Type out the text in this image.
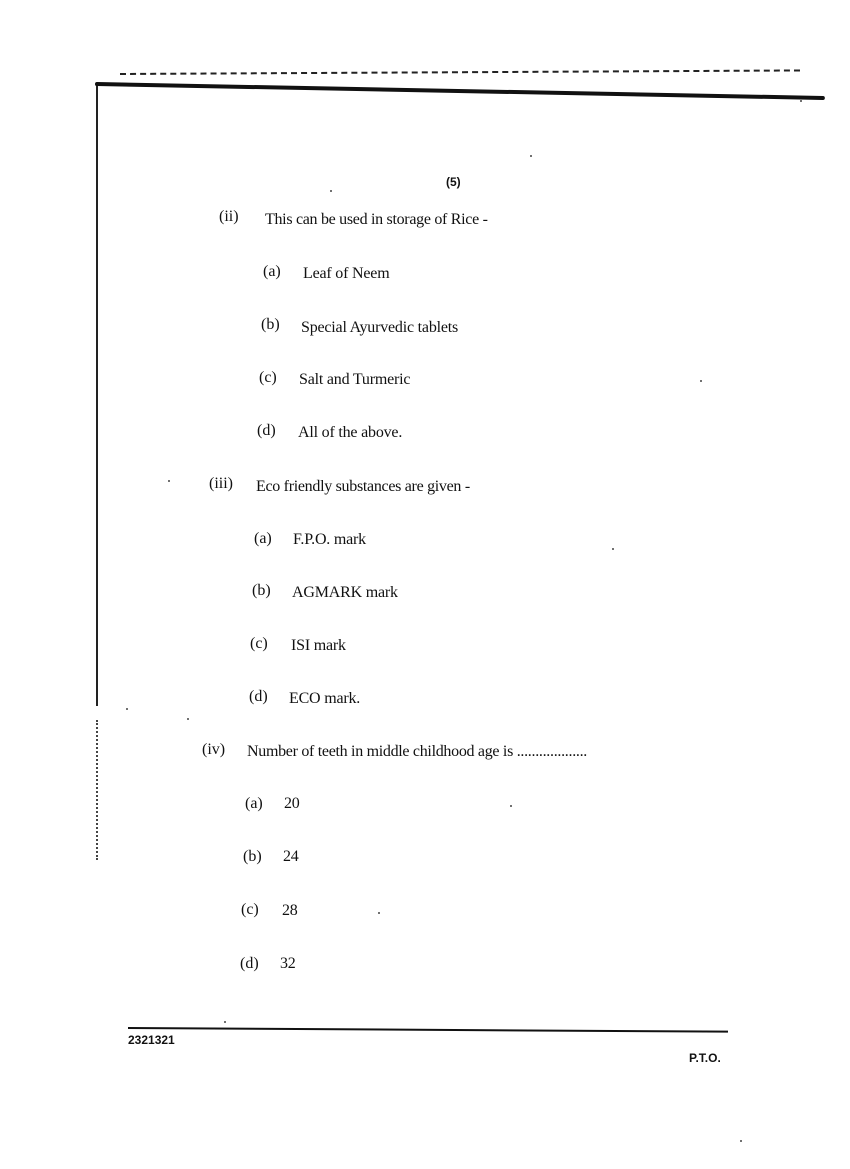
(5)
(ii) This can be used in storage of Rice -
(a) Leaf of Neem
(b) Special Ayurvedic tablets
(c) Salt and Turmeric
(d) All of the above.
(iii) Eco friendly substances are given -
(a) F.P.O. mark
(b) AGMARK mark
(c) ISI mark
(d) ECO mark.
(iv) Number of teeth in middle childhood age is ...................
(a) 20
(b) 24
(c) 28
(d) 32
2321321
P.T.O.
